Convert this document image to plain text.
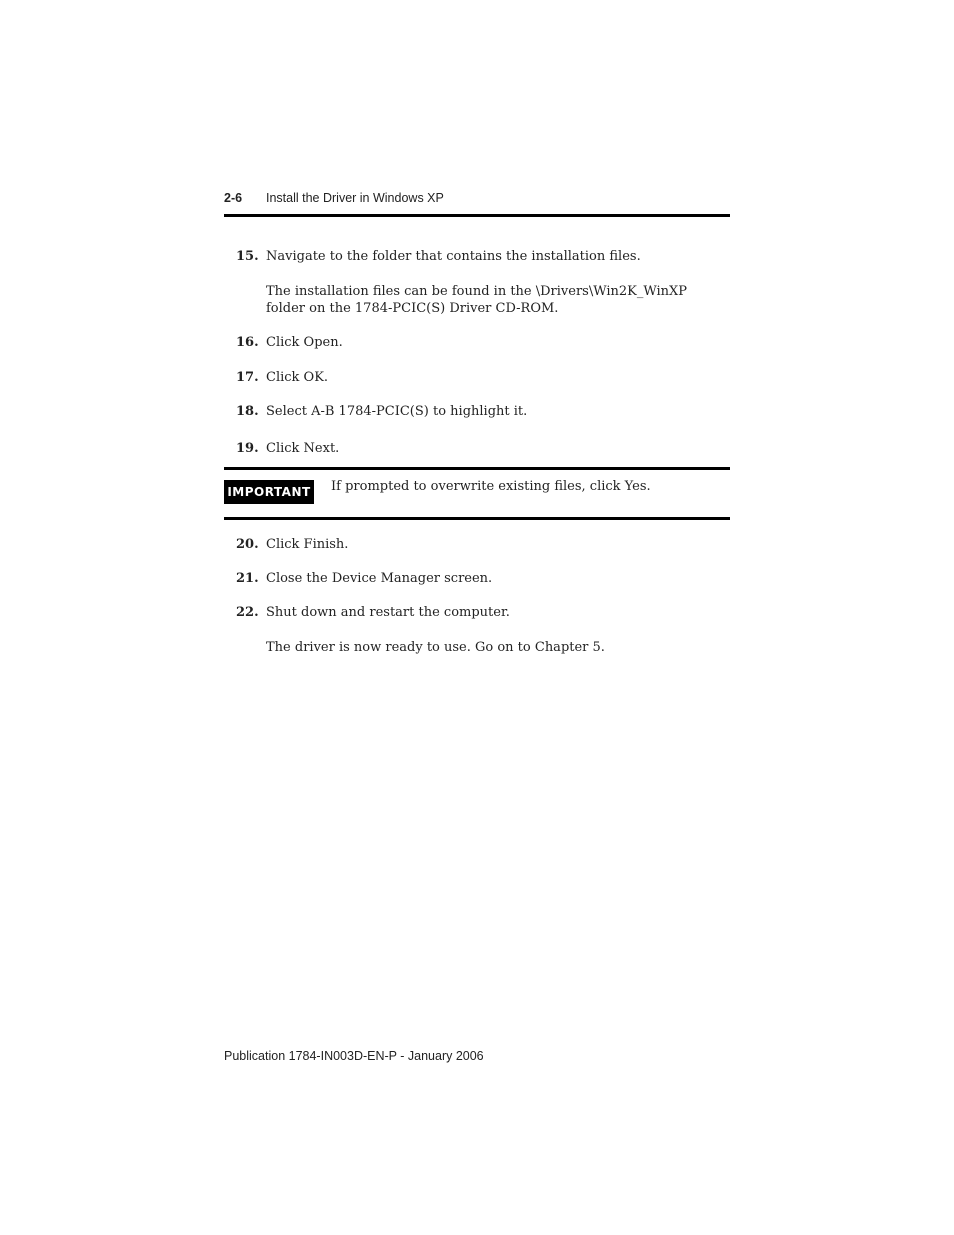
2-6 Install the Driver in Windows XP
15. Navigate to the folder that contains the installation files.
The installation files can be found in the \Drivers\Win2K_WinXP folder on the 1784-PCIC(S) Driver CD-ROM.
16. Click Open.
17. Click OK.
18. Select A-B 1784-PCIC(S) to highlight it.
19. Click Next.
IMPORTANT If prompted to overwrite existing files, click Yes.
20. Click Finish.
21. Close the Device Manager screen.
22. Shut down and restart the computer.
The driver is now ready to use. Go on to Chapter 5.
Publication 1784-IN003D-EN-P - January 2006
